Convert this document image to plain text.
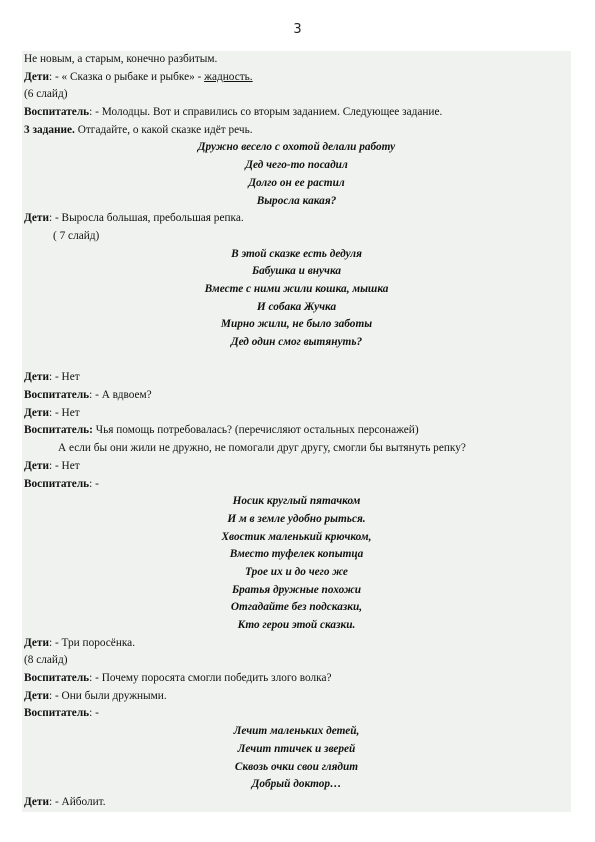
3
Не новым, а старым, конечно разбитым.
Дети: - « Сказка о рыбаке и рыбке» - жадность.
(6 слайд)
Воспитатель: - Молодцы. Вот и справились со вторым заданием. Следующее задание.
3 задание. Отгадайте, о какой сказке идёт речь.
Дружно весело с охотой делали работу
Дед чего-то посадил
Долго он ее растил
Выросла какая?
Дети: - Выросла большая, пребольшая репка.
( 7 слайд)
В этой сказке есть дедуля
Бабушка и внучка
Вместе с ними жили кошка, мышка
И собака Жучка
Мирно жили, не было заботы
Дед один смог вытянуть?
Дети: - Нет
Воспитатель: - А вдвоем?
Дети: - Нет
Воспитатель: Чья помощь потребовалась? (перечисляют остальных персонажей)
А если бы они жили не дружно, не помогали друг другу, смогли бы вытянуть репку?
Дети: - Нет
Воспитатель: -
Носик круглый пятачком
И м в земле удобно рыться.
Хвостик маленький крючком,
Вместо туфелек копытца
Трое их и до чего же
Братья дружные похожи
Отгадайте без подсказки,
Кто герои этой сказки.
Дети: - Три поросёнка.
(8 слайд)
Воспитатель: - Почему поросята смогли победить злого волка?
Дети: - Они были дружными.
Воспитатель: -
Лечит маленьких детей,
Лечит птичек и зверей
Сквозь очки свои глядит
Добрый доктор…
Дети: - Айболит.
